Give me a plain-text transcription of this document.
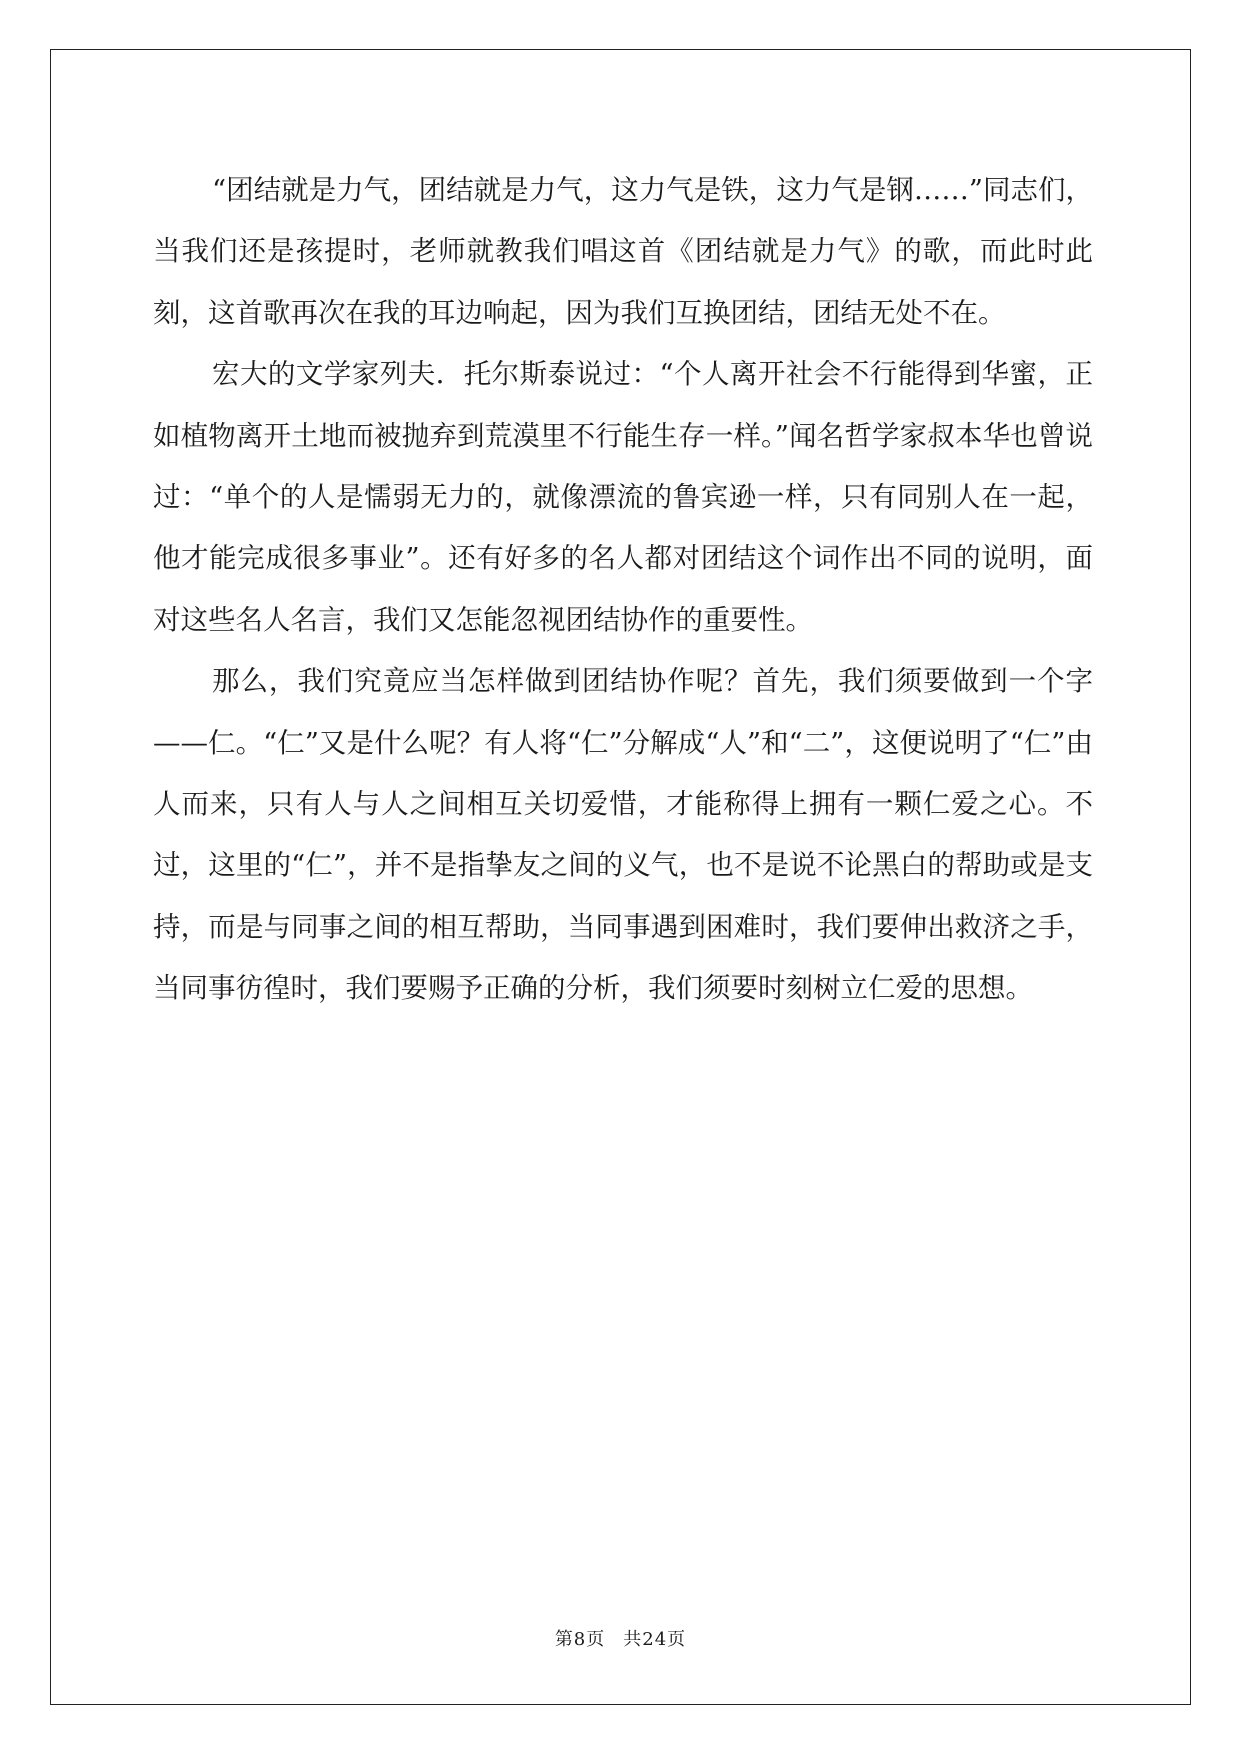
“团结就是力气，团结就是力气，这力气是铁，这力气是钢……”同志们，当我们还是孩提时，老师就教我们唱这首《团结就是力气》的歌，而此时此刻，这首歌再次在我的耳边响起，因为我们互换团结，团结无处不在。

宏大的文学家列夫．托尔斯泰说过：“个人离开社会不行能得到华蜜，正如植物离开土地而被抛弃到荒漠里不行能生存一样。”闻名哲学家叔本华也曾说过：“单个的人是懦弱无力的，就像漂流的鲁宾逊一样，只有同别人在一起，他才能完成很多事业”。还有好多的名人都对团结这个词作出不同的说明，面对这些名人名言，我们又怎能忽视团结协作的重要性。

那么，我们究竟应当怎样做到团结协作呢？首先，我们须要做到一个字——仁。“仁”又是什么呢？有人将“仁”分解成“人”和“二”，这便说明了“仁”由人而来，只有人与人之间相互关切爱惜，才能称得上拥有一颗仁爱之心。不过，这里的“仁”，并不是指挚友之间的义气，也不是说不论黑白的帮助或是支持，而是与同事之间的相互帮助，当同事遇到困难时，我们要伸出救济之手，当同事彷徨时，我们要赐予正确的分析，我们须要时刻树立仁爱的思想。

第8页 共24页
